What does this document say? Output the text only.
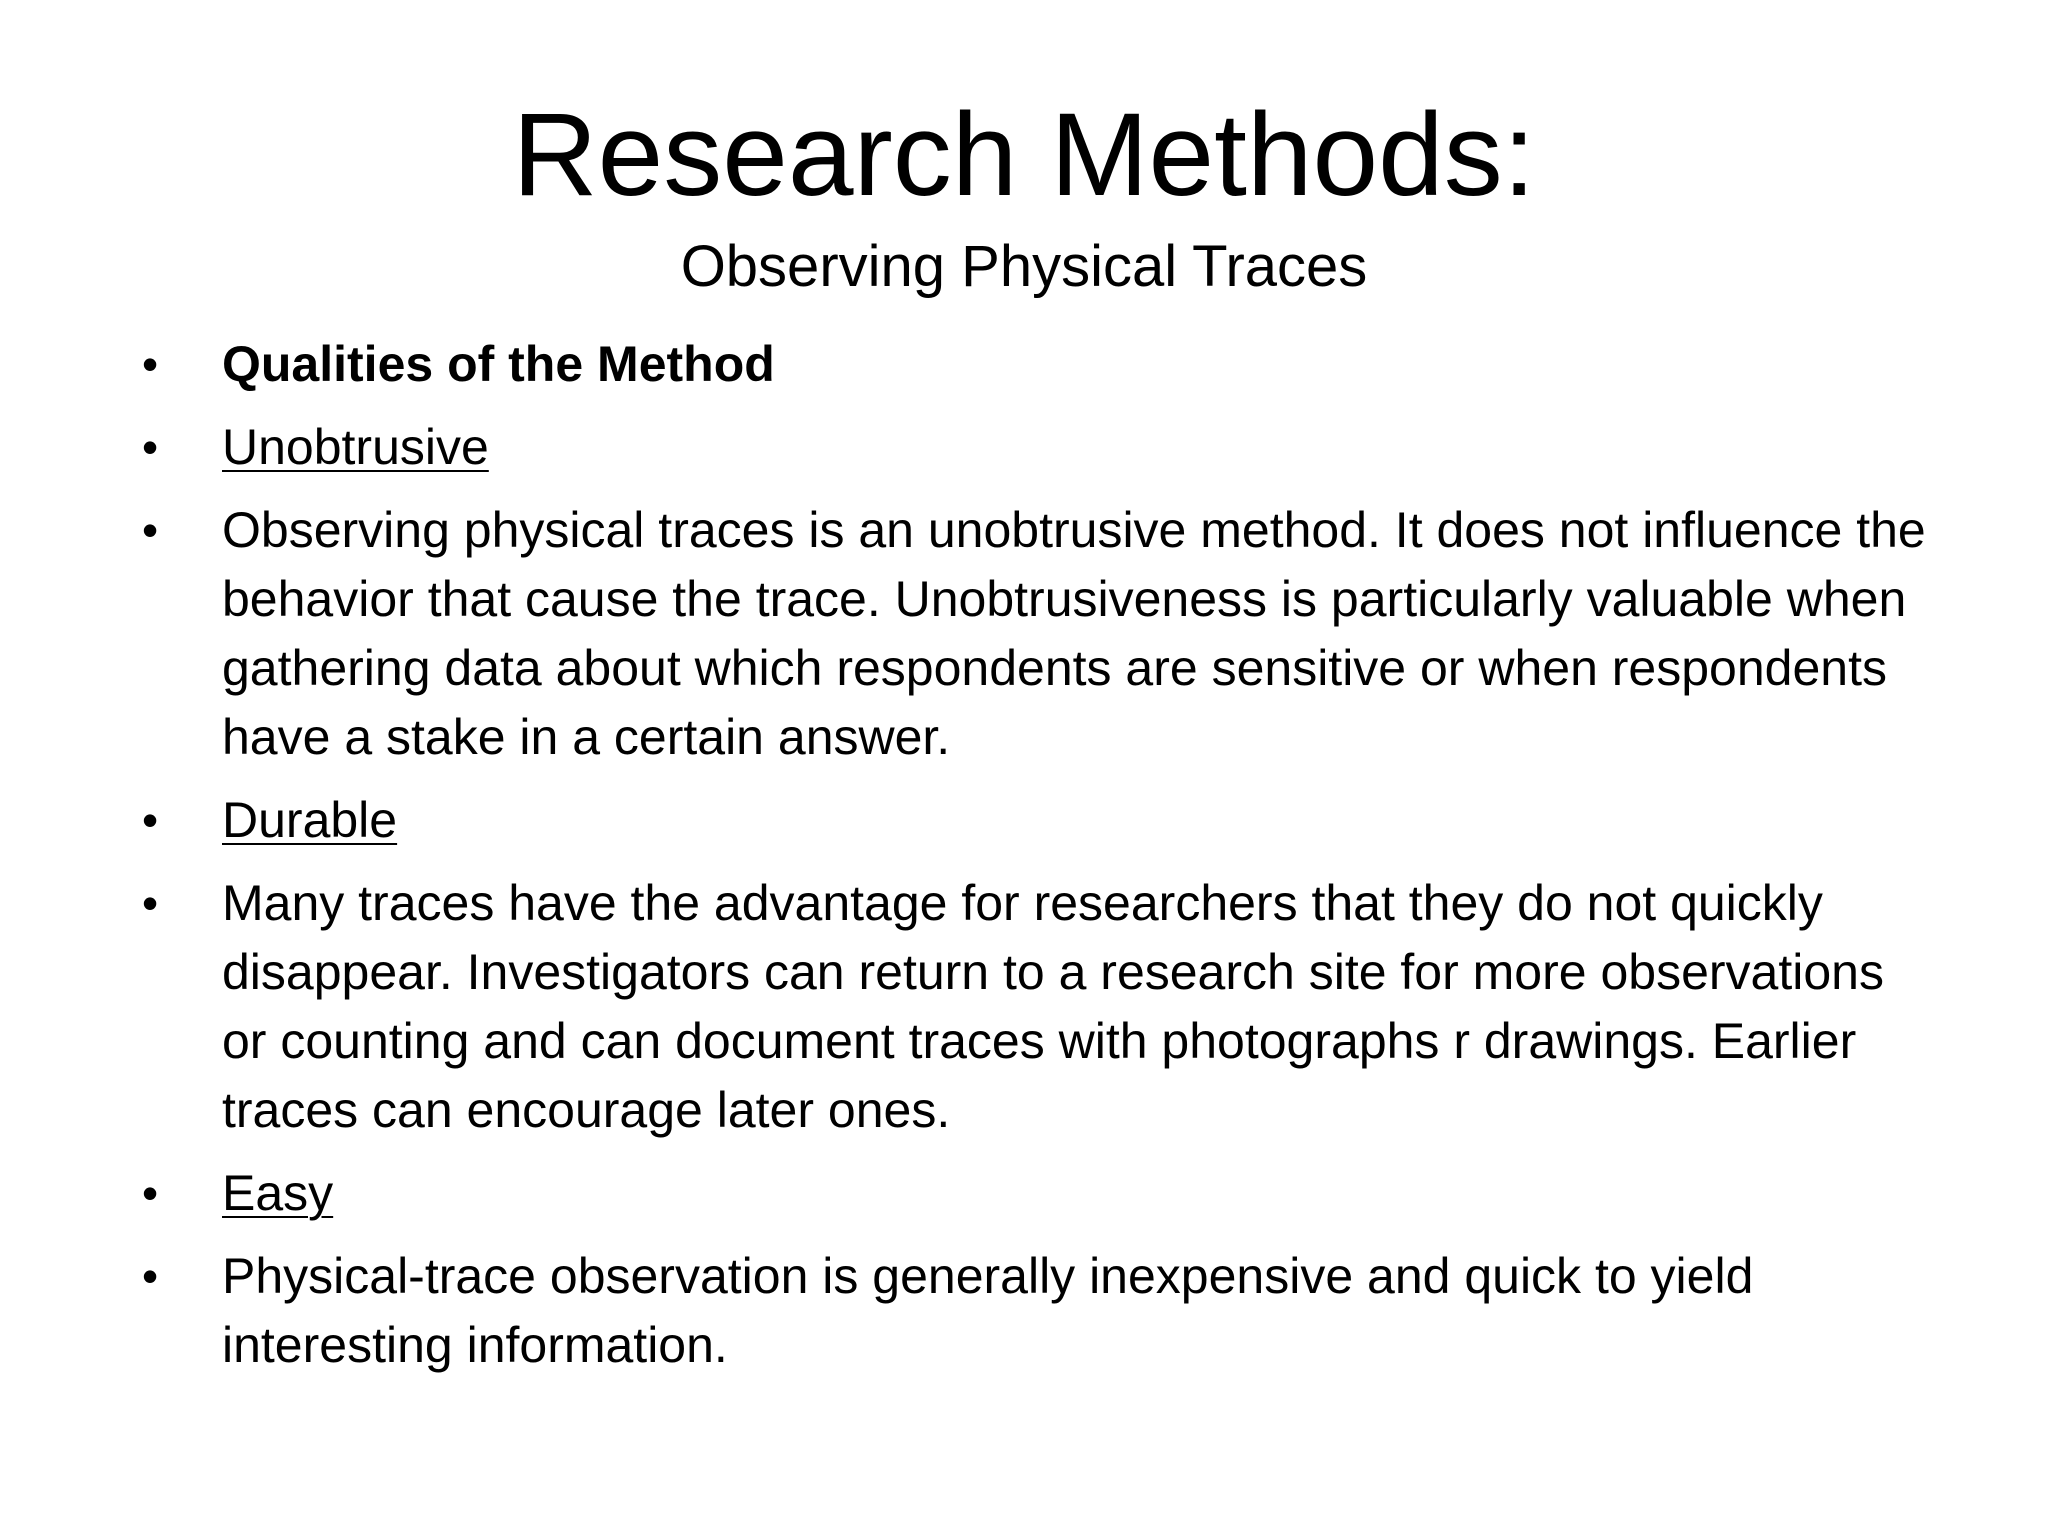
Research Methods:
Observing Physical Traces
•	Qualities of the Method
•	Unobtrusive
•	Observing physical traces is an unobtrusive method. It does not influence the behavior that cause the trace. Unobtrusiveness is particularly valuable when gathering data about which respondents are sensitive or when respondents have a stake in a certain answer.
•	Durable
•	Many traces have the advantage for researchers that they do not quickly disappear. Investigators can return to a research site for more observations or counting and can document traces with photographs r drawings. Earlier traces can encourage later ones.
•	Easy
•	Physical-trace observation is generally inexpensive and quick to yield interesting information.
